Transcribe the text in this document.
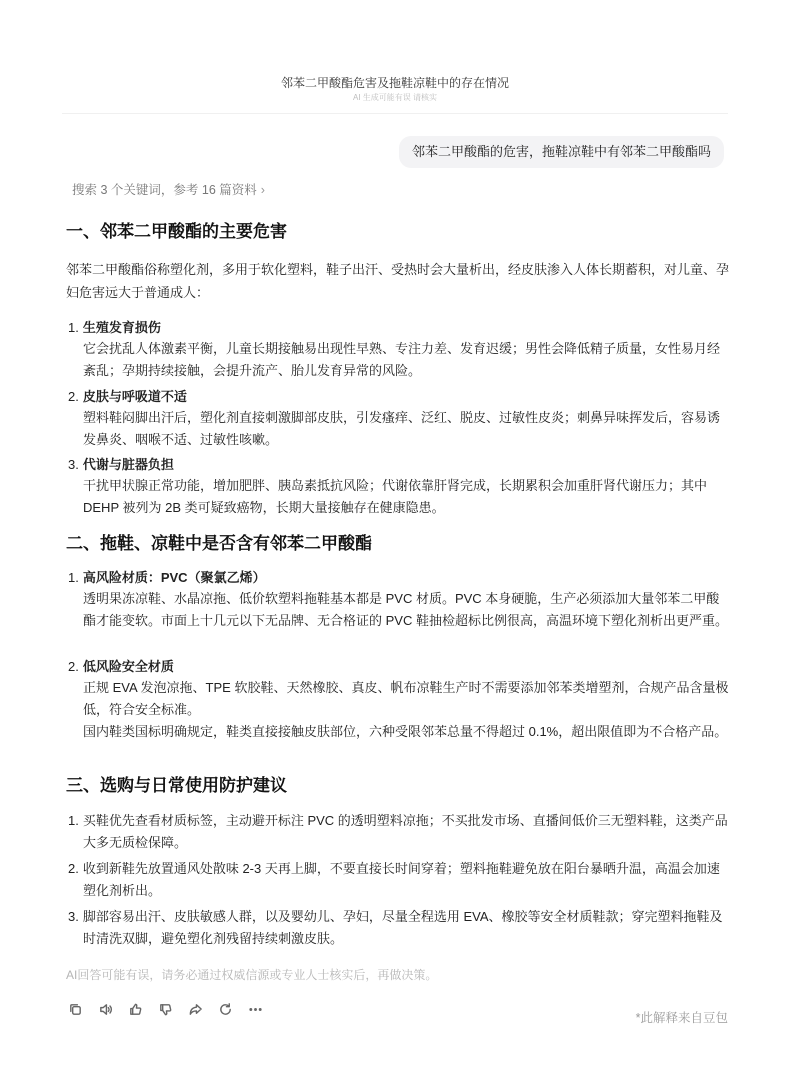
邻苯二甲酸酯危害及拖鞋凉鞋中的存在情况
AI 生成可能有误 请核实
邻苯二甲酸酯的危害，拖鞋凉鞋中有邻苯二甲酸酯吗
搜索 3 个关键词，参考 16 篇资料 ›
一、邻苯二甲酸酯的主要危害
邻苯二甲酸酯俗称塑化剂，多用于软化塑料，鞋子出汗、受热时会大量析出，经皮肤渗入人体长期蓄积，对儿童、孕妇危害远大于普通成人：
1. 生殖发育损伤
它会扰乱人体激素平衡，儿童长期接触易出现性早熟、专注力差、发育迟缓；男性会降低精子质量，女性易月经紊乱；孕期持续接触，会提升流产、胎儿发育异常的风险。
2. 皮肤与呼吸道不适
塑料鞋闷脚出汗后，塑化剂直接刺激脚部皮肤，引发瘙痒、泛红、脱皮、过敏性皮炎；刺鼻异味挥发后，容易诱发鼻炎、咽喉不适、过敏性咳嗽。
3. 代谢与脏器负担
干扰甲状腺正常功能，增加肥胖、胰岛素抵抗风险；代谢依靠肝肾完成，长期累积会加重肝肾代谢压力；其中 DEHP 被列为 2B 类可疑致癌物，长期大量接触存在健康隐患。
二、拖鞋、凉鞋中是否含有邻苯二甲酸酯
1. 高风险材质：PVC（聚氯乙烯）
透明果冻凉鞋、水晶凉拖、低价软塑料拖鞋基本都是 PVC 材质。PVC 本身硬脆，生产必须添加大量邻苯二甲酸酯才能变软。市面上十几元以下无品牌、无合格证的 PVC 鞋抽检超标比例很高，高温环境下塑化剂析出更严重。
2. 低风险安全材质
正规 EVA 发泡凉拖、TPE 软胶鞋、天然橡胶、真皮、帆布凉鞋生产时不需要添加邻苯类增塑剂，合规产品含量极低，符合安全标准。
国内鞋类国标明确规定，鞋类直接接触皮肤部位，六种受限邻苯总量不得超过 0.1%，超出限值即为不合格产品。
三、选购与日常使用防护建议
1. 买鞋优先查看材质标签，主动避开标注 PVC 的透明塑料凉拖；不买批发市场、直播间低价三无塑料鞋，这类产品大多无质检保障。
2. 收到新鞋先放置通风处散味 2-3 天再上脚，不要直接长时间穿着；塑料拖鞋避免放在阳台暴晒升温，高温会加速塑化剂析出。
3. 脚部容易出汗、皮肤敏感人群，以及婴幼儿、孕妇，尽量全程选用 EVA、橡胶等安全材质鞋款；穿完塑料拖鞋及时清洗双脚，避免塑化剂残留持续刺激皮肤。
AI回答可能有误，请务必通过权威信源或专业人士核实后，再做决策。
*此解释来自豆包
